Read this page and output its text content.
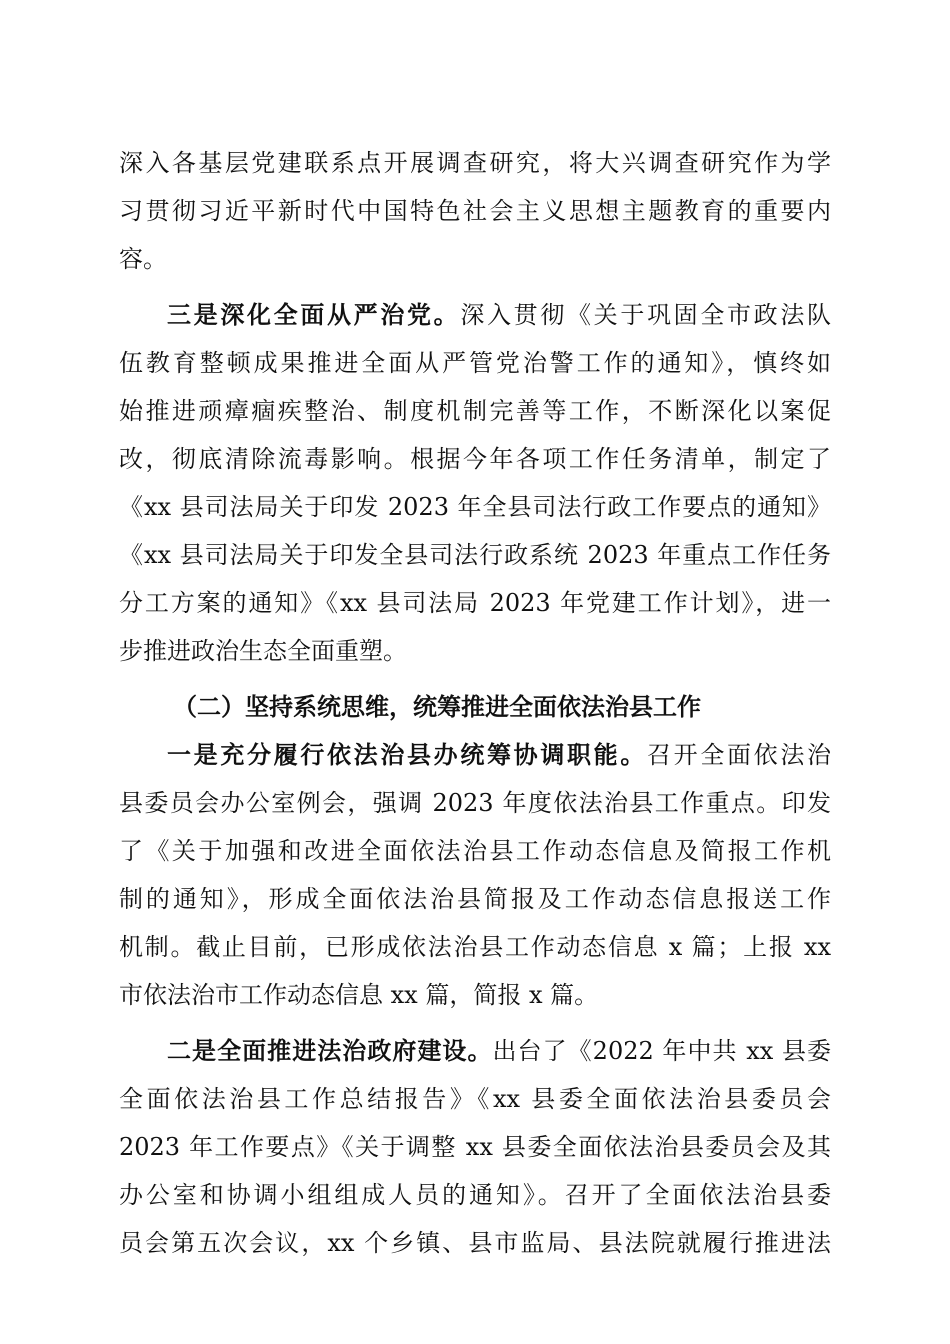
深入各基层党建联系点开展调查研究，将大兴调查研究作为学
习贯彻习近平新时代中国特色社会主义思想主题教育的重要内
容。
三是深化全面从严治党。深入贯彻《关于巩固全市政法队
伍教育整顿成果推进全面从严管党治警工作的通知》，慎终如
始推进顽瘴痼疾整治、制度机制完善等工作，不断深化以案促
改，彻底清除流毒影响。根据今年各项工作任务清单，制定了
《xx 县司法局关于印发 2023 年全县司法行政工作要点的通知》
《xx 县司法局关于印发全县司法行政系统 2023 年重点工作任务
分工方案的通知》《xx 县司法局 2023 年党建工作计划》，进一
步推进政治生态全面重塑。
（二）坚持系统思维，统筹推进全面依法治县工作
一是充分履行依法治县办统筹协调职能。召开全面依法治
县委员会办公室例会，强调 2023 年度依法治县工作重点。印发
了《关于加强和改进全面依法治县工作动态信息及简报工作机
制的通知》，形成全面依法治县简报及工作动态信息报送工作
机制。截止目前，已形成依法治县工作动态信息 x 篇；上报 xx
市依法治市工作动态信息 xx 篇，简报 x 篇。
二是全面推进法治政府建设。出台了《2022 年中共 xx 县委
全面依法治县工作总结报告》《xx 县委全面依法治县委员会
2023 年工作要点》《关于调整 xx 县委全面依法治县委员会及其
办公室和协调小组组成人员的通知》。召开了全面依法治县委
员会第五次会议，xx 个乡镇、县市监局、县法院就履行推进法
